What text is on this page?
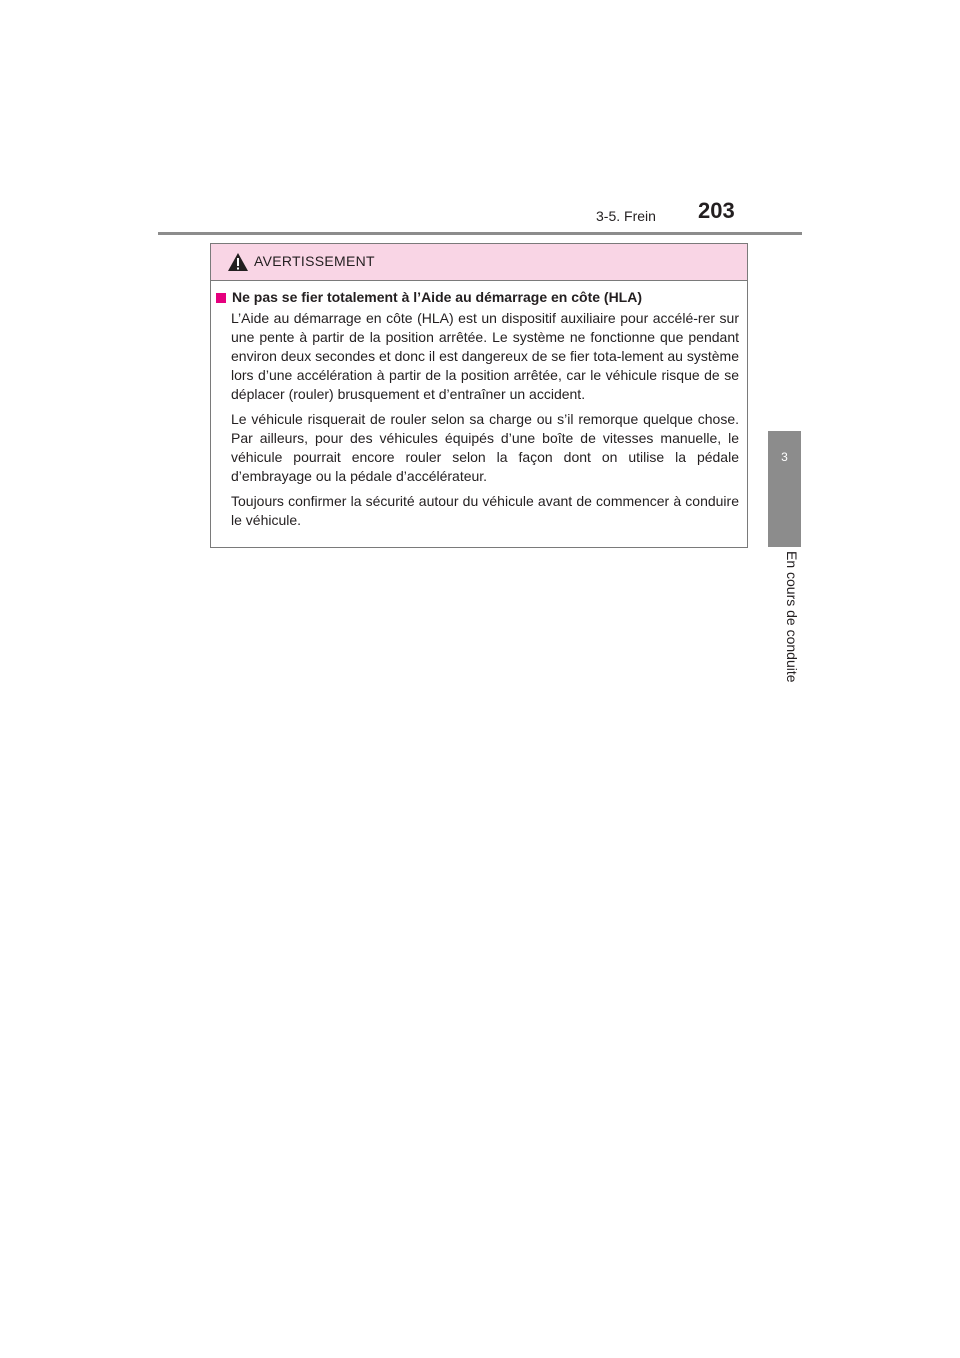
3-5. Frein 203
3
En cours de conduite
AVERTISSEMENT
Ne pas se fier totalement à l’Aide au démarrage en côte (HLA)

L’Aide au démarrage en côte (HLA) est un dispositif auxiliaire pour accélé-rer sur une pente à partir de la position arrêtée. Le système ne fonctionne que pendant environ deux secondes et donc il est dangereux de se fier tota-lement au système lors d’une accélération à partir de la position arrêtée, car le véhicule risque de se déplacer (rouler) brusquement et d’entraîner un accident.

Le véhicule risquerait de rouler selon sa charge ou s’il remorque quelque chose. Par ailleurs, pour des véhicules équipés d’une boîte de vitesses manuelle, le véhicule pourrait encore rouler selon la façon dont on utilise la pédale d’embrayage ou la pédale d’accélérateur.

Toujours confirmer la sécurité autour du véhicule avant de commencer à conduire le véhicule.
